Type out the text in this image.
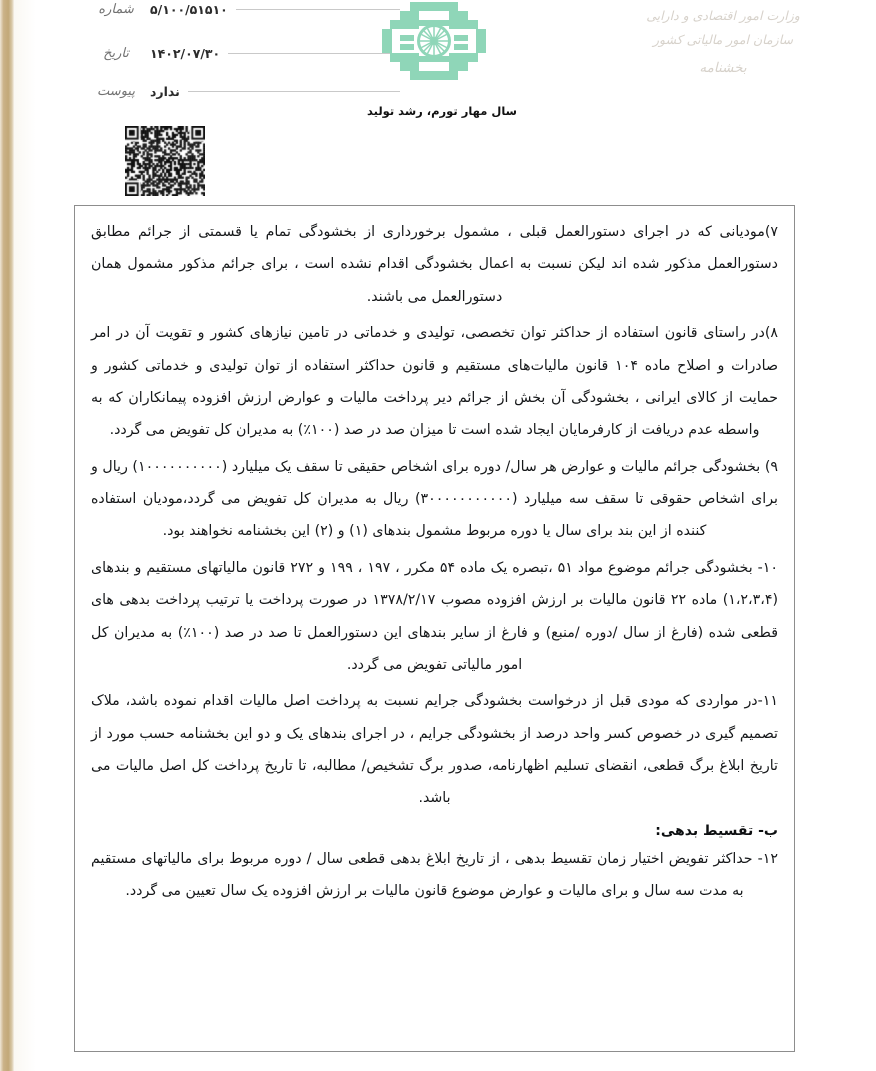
شماره	۵/۱۰۰/۵۱۵۱۰
تاریخ	۱۴۰۲/۰۷/۳۰
پیوست	ندارد
وزارت امور اقتصادی و دارایی
سازمان امور مالیاتی کشور
بخشنامه
سال مهار تورم، رشد تولید

۷)مودیانی که در اجرای دستورالعمل قبلی ، مشمول برخورداری از بخشودگی تمام یا قسمتی از جرائم مطابق دستورالعمل مذکور شده اند لیکن نسبت به اعمال بخشودگی اقدام نشده است ، برای جرائم مذکور مشمول همان دستورالعمل می باشند.

۸)در راستای قانون استفاده از حداکثر توان تخصصی، تولیدی و خدماتی در تامین نیازهای کشور و تقویت آن در امر صادرات و اصلاح ماده ۱۰۴ قانون مالیات‌های مستقیم و قانون حداکثر استفاده از توان تولیدی و خدماتی کشور و حمایت از کالای ایرانی ، بخشودگی آن بخش از جرائم دیر پرداخت مالیات و عوارض ارزش افزوده پیمانکاران که به واسطه عدم دریافت از کارفرمایان ایجاد شده است تا میزان صد در صد (۱۰۰٪) به مدیران کل تفویض می گردد.

۹) بخشودگی جرائم مالیات و عوارض هر سال/ دوره برای اشخاص حقیقی تا سقف یک میلیارد (۱۰۰۰۰۰۰۰۰۰۰) ریال و برای اشخاص حقوقی تا سقف سه میلیارد (۳۰۰۰۰۰۰۰۰۰۰۰) ریال به مدیران کل تفویض می گردد،مودیان استفاده کننده از این بند برای سال یا دوره مربوط مشمول بندهای (۱) و (۲) این بخشنامه نخواهند بود.

۱۰- بخشودگی جرائم موضوع مواد ۵۱ ،تبصره یک ماده ۵۴ مکرر ، ۱۹۷ ، ۱۹۹ و ۲۷۲ قانون مالیاتهای مستقیم و بندهای (۱،۲،۳،۴) ماده ۲۲ قانون مالیات بر ارزش افزوده مصوب ۱۳۷۸/۲/۱۷ در صورت پرداخت یا ترتیب پرداخت بدهی های قطعی شده (فارغ از سال /دوره /منبع) و فارغ از سایر بندهای این دستورالعمل تا صد در صد (۱۰۰٪) به مدیران کل امور مالیاتی تفویض می گردد.

۱۱-در مواردی که مودی قبل از درخواست بخشودگی جرایم نسبت به پرداخت اصل مالیات اقدام نموده باشد، ملاک تصمیم گیری در خصوص کسر واحد درصد از بخشودگی جرایم ، در اجرای بندهای یک و دو این بخشنامه حسب مورد از تاریخ ابلاغ برگ قطعی، انقضای تسلیم اظهارنامه، صدور برگ تشخیص/ مطالبه، تا تاریخ پرداخت کل اصل مالیات می باشد.

ب- تقسیط بدهی:

۱۲- حداکثر تفویض اختیار زمان تقسیط بدهی ، از تاریخ ابلاغ بدهی قطعی سال / دوره مربوط برای مالیاتهای مستقیم به مدت سه سال و برای مالیات و عوارض موضوع قانون مالیات بر ارزش افزوده یک سال تعیین می گردد.
